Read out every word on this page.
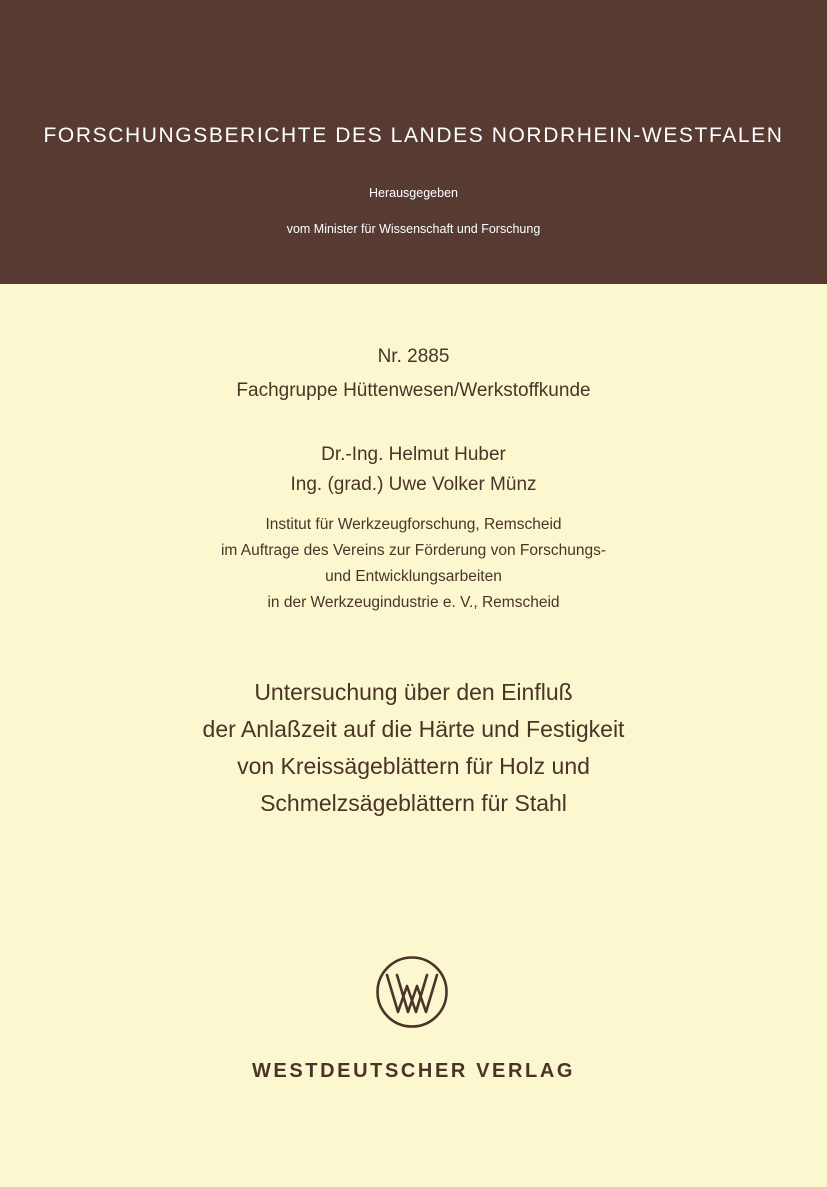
FORSCHUNGSBERICHTE DES LANDES NORDRHEIN-WESTFALEN
Herausgegeben
vom Minister für Wissenschaft und Forschung
Nr. 2885
Fachgruppe Hüttenwesen/Werkstoffkunde
Dr.-Ing. Helmut Huber
Ing. (grad.) Uwe Volker Münz
Institut für Werkzeugforschung, Remscheid
im Auftrage des Vereins zur Förderung von Forschungs-
und Entwicklungsarbeiten
in der Werkzeugindustrie e. V., Remscheid
Untersuchung über den Einfluß
der Anlaßzeit auf die Härte und Festigkeit
von Kreissägeblättern für Holz und
Schmelzsägeblättern für Stahl
WESTDEUTSCHER VERLAG
